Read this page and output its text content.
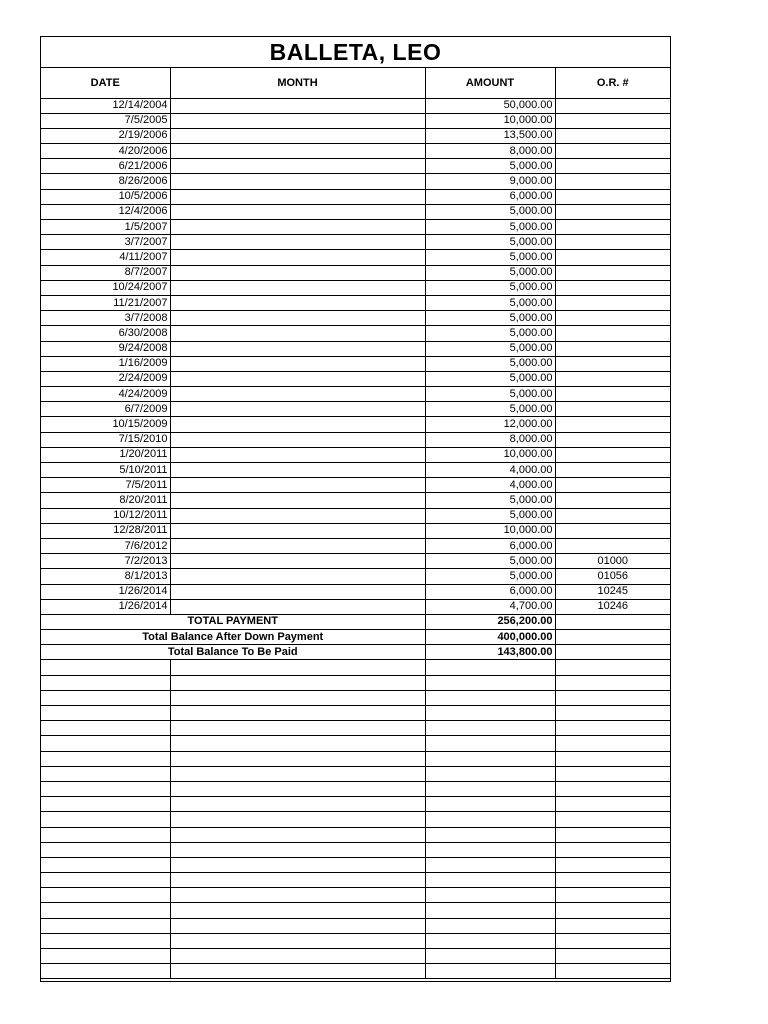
BALLETA, LEO
DATE	MONTH	AMOUNT	O.R. #
12/14/2004		50,000.00	
7/5/2005		10,000.00	
2/19/2006		13,500.00	
4/20/2006		8,000.00	
6/21/2006		5,000.00	
8/26/2006		9,000.00	
10/5/2006		6,000.00	
12/4/2006		5,000.00	
1/5/2007		5,000.00	
3/7/2007		5,000.00	
4/11/2007		5,000.00	
8/7/2007		5,000.00	
10/24/2007		5,000.00	
11/21/2007		5,000.00	
3/7/2008		5,000.00	
6/30/2008		5,000.00	
9/24/2008		5,000.00	
1/16/2009		5,000.00	
2/24/2009		5,000.00	
4/24/2009		5,000.00	
6/7/2009		5,000.00	
10/15/2009		12,000.00	
7/15/2010		8,000.00	
1/20/2011		10,000.00	
5/10/2011		4,000.00	
7/5/2011		4,000.00	
8/20/2011		5,000.00	
10/12/2011		5,000.00	
12/28/2011		10,000.00	
7/6/2012		6,000.00	
7/2/2013		5,000.00	01000
8/1/2013		5,000.00	01056
1/26/2014		6,000.00	10245
1/26/2014		4,700.00	10246
TOTAL PAYMENT		256,200.00	
Total Balance After Down Payment		400,000.00	
Total Balance To Be Paid		143,800.00	
